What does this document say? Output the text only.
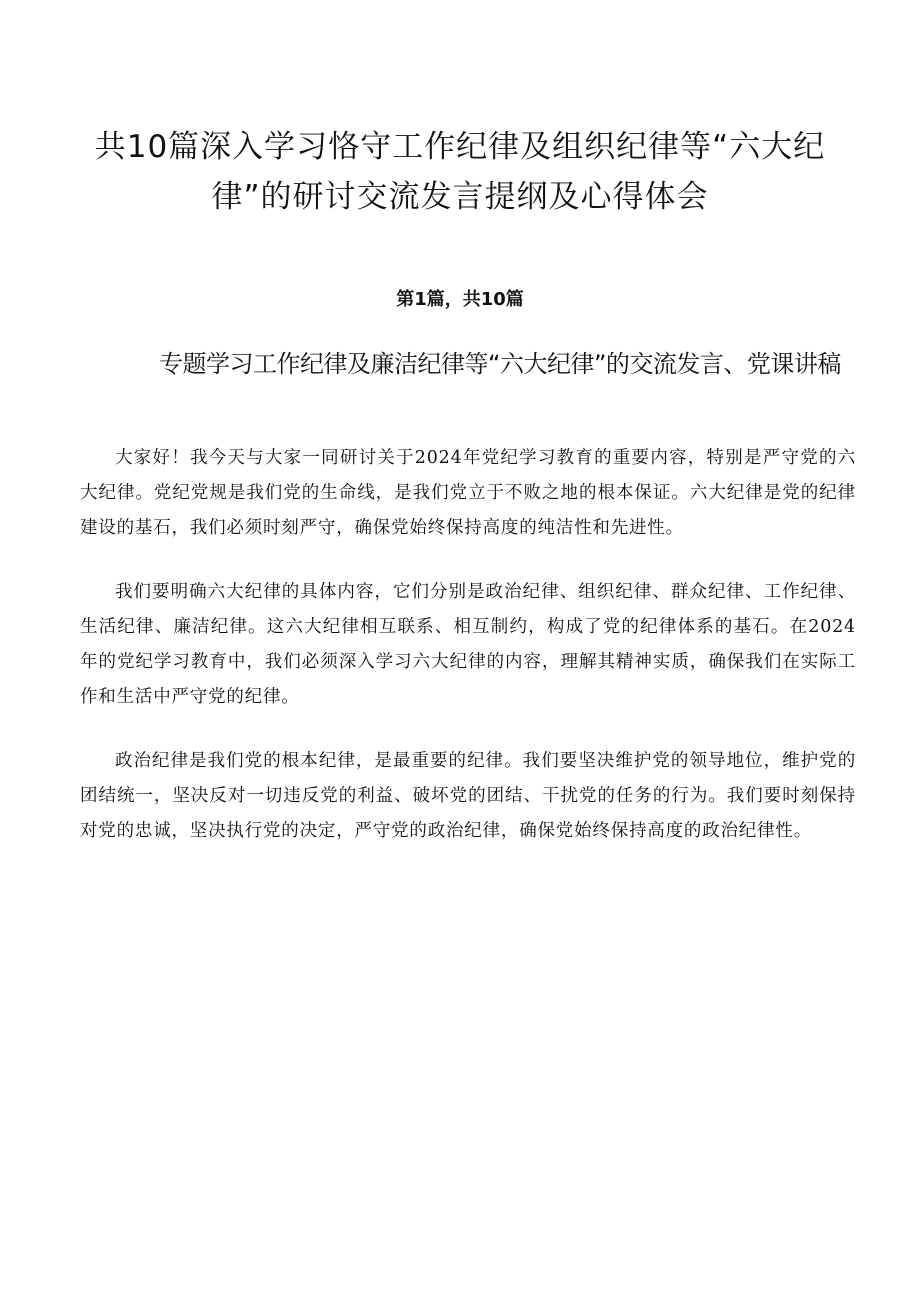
共10篇深入学习恪守工作纪律及组织纪律等“六大纪律”的研讨交流发言提纲及心得体会
第1篇，共10篇
专题学习工作纪律及廉洁纪律等“六大纪律”的交流发言、党课讲稿

大家好！我今天与大家一同研讨关于2024年党纪学习教育的重要内容，特别是严守党的六大纪律。党纪党规是我们党的生命线，是我们党立于不败之地的根本保证。六大纪律是党的纪律建设的基石，我们必须时刻严守，确保党始终保持高度的纯洁性和先进性。

我们要明确六大纪律的具体内容，它们分别是政治纪律、组织纪律、群众纪律、工作纪律、生活纪律、廉洁纪律。这六大纪律相互联系、相互制约，构成了党的纪律体系的基石。在2024年的党纪学习教育中，我们必须深入学习六大纪律的内容，理解其精神实质，确保我们在实际工作和生活中严守党的纪律。

政治纪律是我们党的根本纪律，是最重要的纪律。我们要坚决维护党的领导地位，维护党的团结统一，坚决反对一切违反党的利益、破坏党的团结、干扰党的任务的行为。我们要时刻保持对党的忠诚，坚决执行党的决定，严守党的政治纪律，确保党始终保持高度的政治纪律性。
